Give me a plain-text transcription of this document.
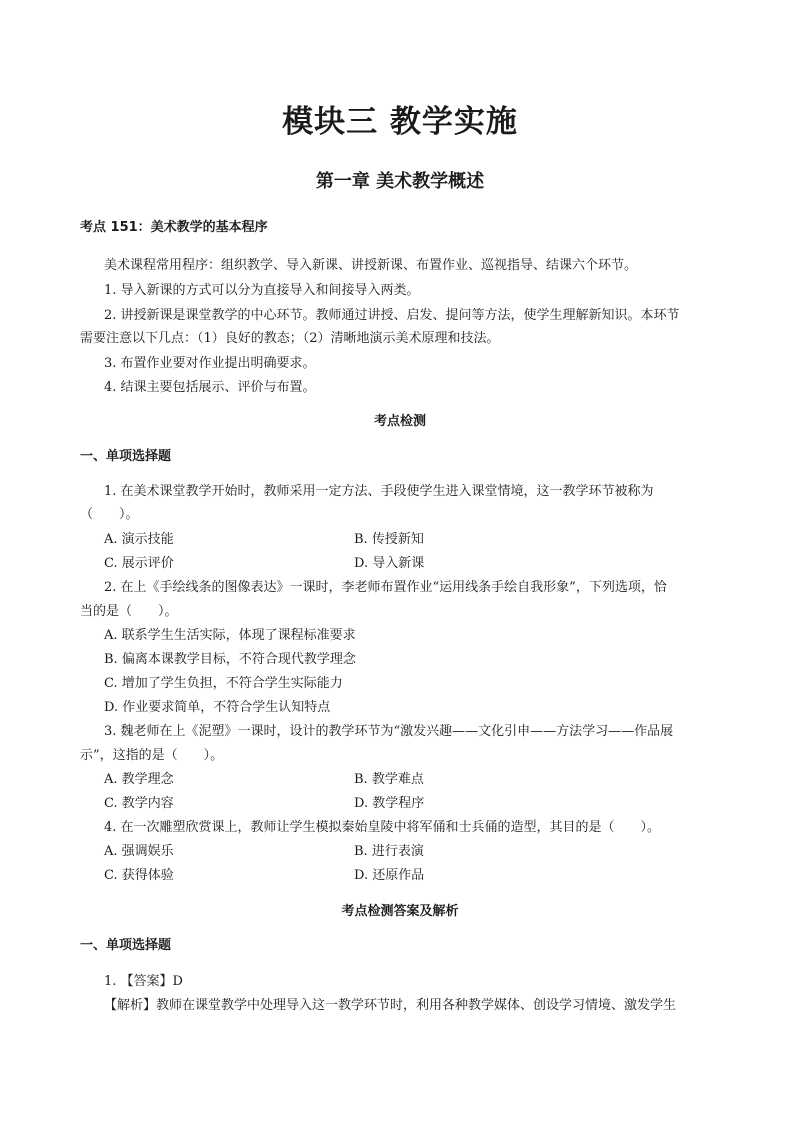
模块三 教学实施
第一章 美术教学概述
考点 151：美术教学的基本程序
美术课程常用程序：组织教学、导入新课、讲授新课、布置作业、巡视指导、结课六个环节。
1. 导入新课的方式可以分为直接导入和间接导入两类。
2. 讲授新课是课堂教学的中心环节。教师通过讲授、启发、提问等方法，使学生理解新知识。本环节
需要注意以下几点：（1）良好的教态；（2）清晰地演示美术原理和技法。
3. 布置作业要对作业提出明确要求。
4. 结课主要包括展示、评价与布置。
考点检测
一、单项选择题
1. 在美术课堂教学开始时，教师采用一定方法、手段使学生进入课堂情境，这一教学环节被称为
（　　）。
A. 演示技能	B. 传授新知
C. 展示评价	D. 导入新课
2. 在上《手绘线条的图像表达》一课时，李老师布置作业“运用线条手绘自我形象”，下列选项，恰
当的是（　　）。
A. 联系学生生活实际，体现了课程标准要求
B. 偏离本课教学目标，不符合现代教学理念
C. 增加了学生负担，不符合学生实际能力
D. 作业要求简单，不符合学生认知特点
3. 魏老师在上《泥塑》一课时，设计的教学环节为“激发兴趣——文化引申——方法学习——作品展
示”，这指的是（　　）。
A. 教学理念	B. 教学难点
C. 教学内容	D. 教学程序
4. 在一次雕塑欣赏课上，教师让学生模拟秦始皇陵中将军俑和士兵俑的造型，其目的是（　　）。
A. 强调娱乐	B. 进行表演
C. 获得体验	D. 还原作品
考点检测答案及解析
一、单项选择题
1. 【答案】D
【解析】教师在课堂教学中处理导入这一教学环节时，利用各种教学媒体、创设学习情境、激发学生
